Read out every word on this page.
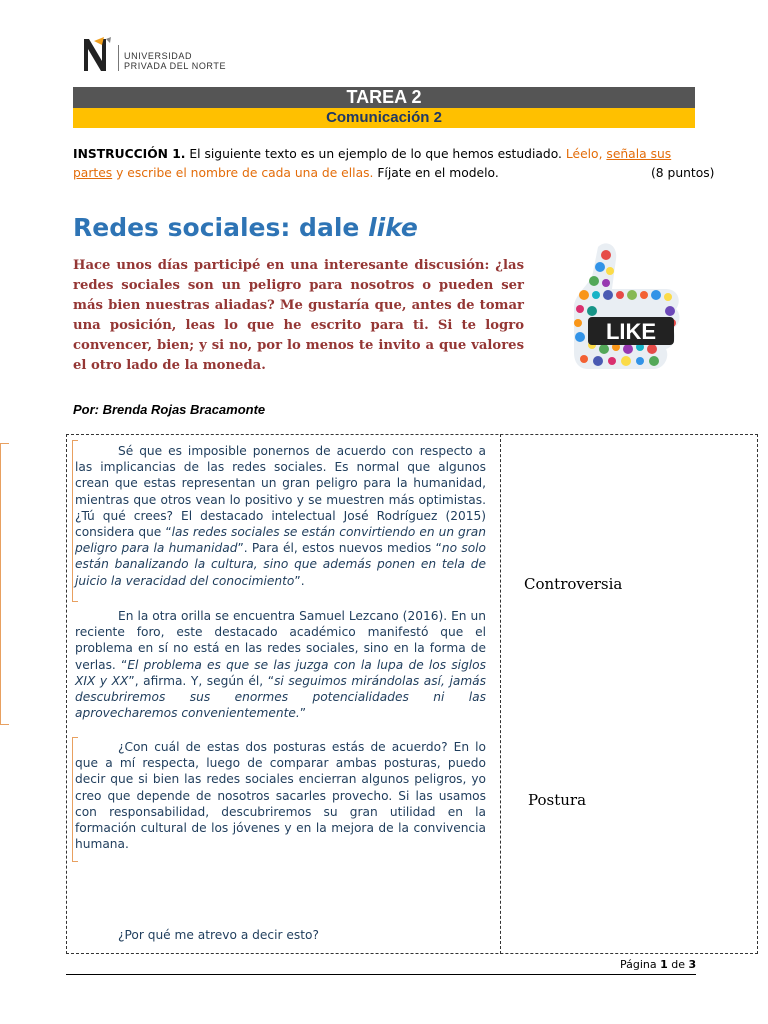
UNIVERSIDAD
PRIVADA DEL NORTE
TAREA 2
Comunicación 2
INSTRUCCIÓN 1. El siguiente texto es un ejemplo de lo que hemos estudiado. Léelo, señala sus
partes y escribe el nombre de cada una de ellas. Fíjate en el modelo.	(8 puntos)
Redes sociales: dale like
Hace unos días participé en una interesante discusión: ¿las redes sociales son un peligro para nosotros o pueden ser más bien nuestras aliadas? Me gustaría que, antes de tomar una posición, leas lo que he escrito para ti. Si te logro convencer, bien; y si no, por lo menos te invito a que valores el otro lado de la moneda.
LIKE
Por: Brenda Rojas Bracamonte
Sé que es imposible ponernos de acuerdo con respecto a las implicancias de las redes sociales. Es normal que algunos crean que estas representan un gran peligro para la humanidad, mientras que otros vean lo positivo y se muestren más optimistas. ¿Tú qué crees? El destacado intelectual José Rodríguez (2015) considera que “las redes sociales se están convirtiendo en un gran peligro para la humanidad”. Para él, estos nuevos medios “no solo están banalizando la cultura, sino que además ponen en tela de juicio la veracidad del conocimiento”.
En la otra orilla se encuentra Samuel Lezcano (2016). En un reciente foro, este destacado académico manifestó que el problema en sí no está en las redes sociales, sino en la forma de verlas. “El problema es que se las juzga con la lupa de los siglos XIX y XX”, afirma. Y, según él, “si seguimos mirándolas así, jamás descubriremos sus enormes potencialidades ni las aprovecharemos convenientemente.”
¿Con cuál de estas dos posturas estás de acuerdo? En lo que a mí respecta, luego de comparar ambas posturas, puedo decir que si bien las redes sociales encierran algunos peligros, yo creo que depende de nosotros sacarles provecho. Si las usamos con responsabilidad, descubriremos su gran utilidad en la formación cultural de los jóvenes y en la mejora de la convivencia humana.
¿Por qué me atrevo a decir esto?
Controversia
Postura
Página 1 de 3
